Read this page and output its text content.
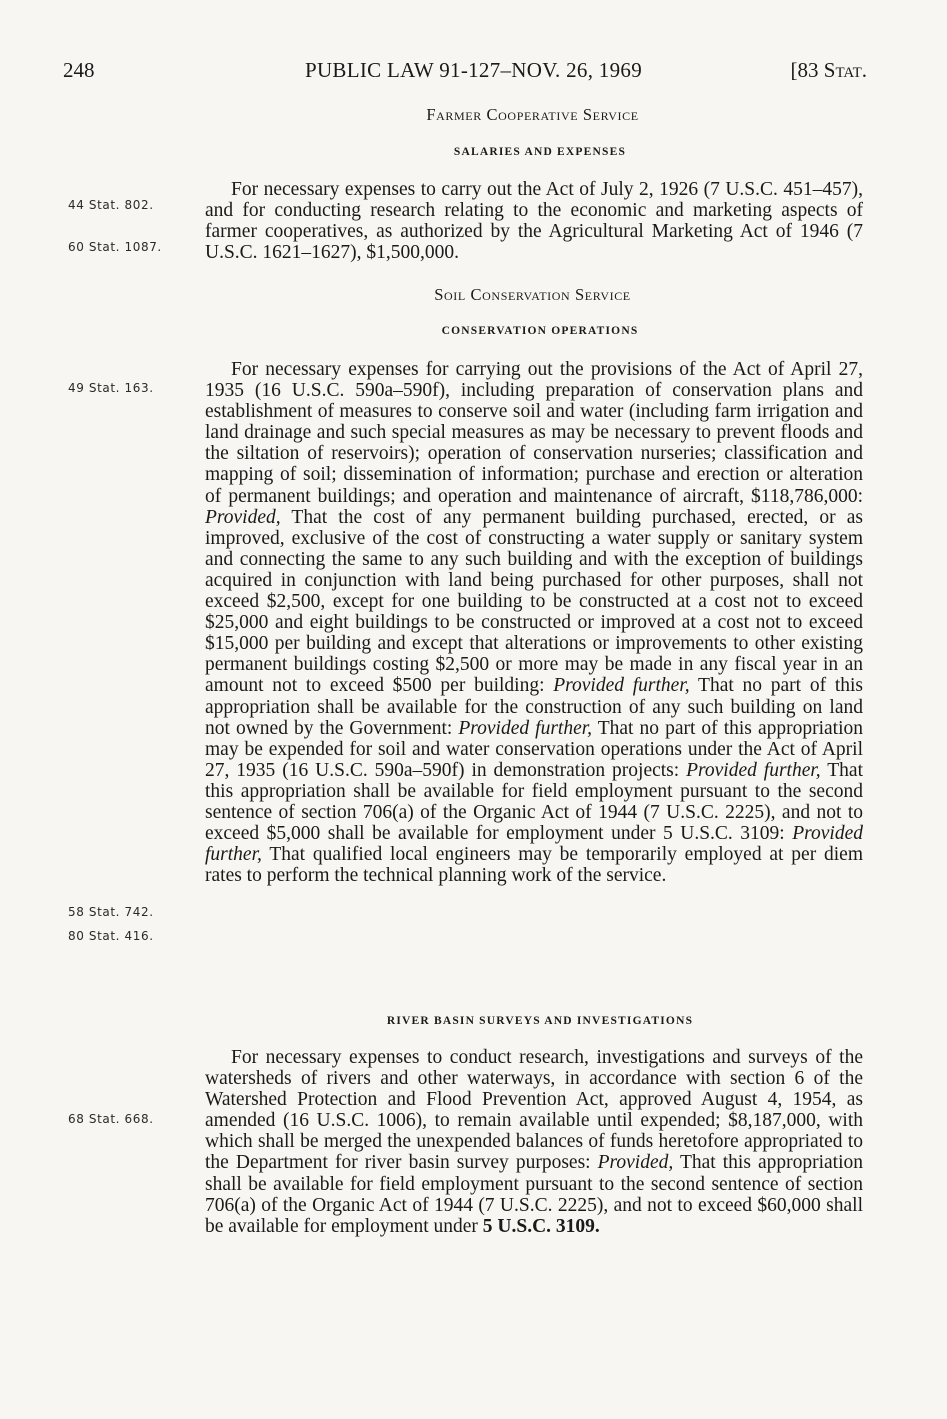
248	PUBLIC LAW 91-127–NOV. 26, 1969	[83 Stat.
Farmer Cooperative Service
SALARIES AND EXPENSES

For necessary expenses to carry out the Act of July 2, 1926 (7 U.S.C. 451–457), and for conducting research relating to the economic and marketing aspects of farmer cooperatives, as authorized by the Agricultural Marketing Act of 1946 (7 U.S.C. 1621–1627), $1,500,000.

Soil Conservation Service
CONSERVATION OPERATIONS

For necessary expenses for carrying out the provisions of the Act of April 27, 1935 (16 U.S.C. 590a–590f), including preparation of conservation plans and establishment of measures to conserve soil and water (including farm irrigation and land drainage and such special measures as may be necessary to prevent floods and the siltation of reservoirs); operation of conservation nurseries; classification and mapping of soil; dissemination of information; purchase and erection or alteration of permanent buildings; and operation and maintenance of aircraft, $118,786,000: Provided, That the cost of any permanent building purchased, erected, or as improved, exclusive of the cost of constructing a water supply or sanitary system and connecting the same to any such building and with the exception of buildings acquired in conjunction with land being purchased for other purposes, shall not exceed $2,500, except for one building to be constructed at a cost not to exceed $25,000 and eight buildings to be constructed or improved at a cost not to exceed $15,000 per building and except that alterations or improvements to other existing permanent buildings costing $2,500 or more may be made in any fiscal year in an amount not to exceed $500 per building: Provided further, That no part of this appropriation shall be available for the construction of any such building on land not owned by the Government: Provided further, That no part of this appropriation may be expended for soil and water conservation operations under the Act of April 27, 1935 (16 U.S.C. 590a–590f) in demonstration projects: Provided further, That this appropriation shall be available for field employment pursuant to the second sentence of section 706(a) of the Organic Act of 1944 (7 U.S.C. 2225), and not to exceed $5,000 shall be available for employment under 5 U.S.C. 3109: Provided further, That qualified local engineers may be temporarily employed at per diem rates to perform the technical planning work of the service.

RIVER BASIN SURVEYS AND INVESTIGATIONS

For necessary expenses to conduct research, investigations and surveys of the watersheds of rivers and other waterways, in accordance with section 6 of the Watershed Protection and Flood Prevention Act, approved August 4, 1954, as amended (16 U.S.C. 1006), to remain available until expended; $8,187,000, with which shall be merged the unexpended balances of funds heretofore appropriated to the Department for river basin survey purposes: Provided, That this appropriation shall be available for field employment pursuant to the second sentence of section 706(a) of the Organic Act of 1944 (7 U.S.C. 2225), and not to exceed $60,000 shall be available for employment under 5 U.S.C. 3109.

44 Stat. 802.
60 Stat. 1087.
49 Stat. 163.
58 Stat. 742.
80 Stat. 416.
68 Stat. 668.
